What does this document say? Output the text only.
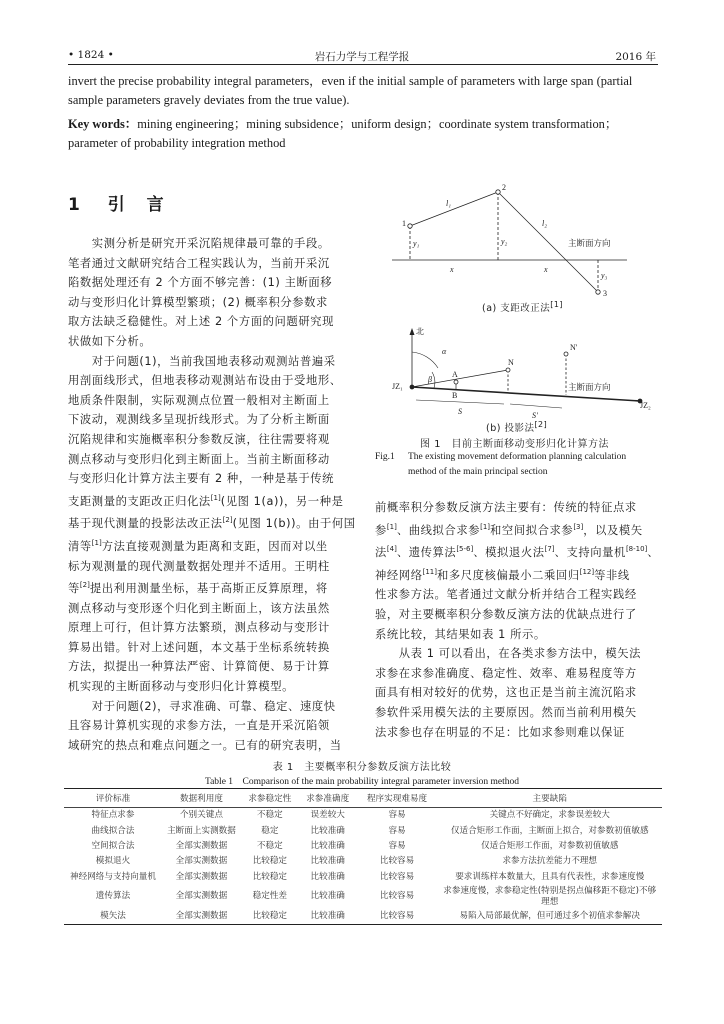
• 1824 •	岩石力学与工程学报	2016 年
invert the precise probability integral parameters，even if the initial sample of parameters with large span (partial
sample parameters gravely deviates from the true value).
Key words：mining engineering；mining subsidence；uniform design；coordinate system transformation；
parameter of probability integration method
1 引 言
　　实测分析是研究开采沉陷规律最可靠的手段。
笔者通过文献研究结合工程实践认为，当前开采沉
陷数据处理还有 2 个方面不够完善：(1) 主断面移
动与变形归化计算模型繁琐；(2) 概率积分参数求
取方法缺乏稳健性。对上述 2 个方面的问题研究现
状做如下分析。
　　对于问题(1)，当前我国地表移动观测站普遍采
用剖面线形式，但地表移动观测站布设由于受地形、
地质条件限制，实际观测点位置一般相对主断面上
下波动，观测线多呈现折线形式。为了分析主断面
沉陷规律和实施概率积分参数反演，往往需要将观
测点移动与变形归化到主断面上。当前主断面移动
与变形归化计算方法主要有 2 种，一种是基于传统
支距测量的支距改正归化法[1](见图 1(a))，另一种是
基于现代测量的投影法改正法[2](见图 1(b))。由于何国
清等[1]方法直接观测量为距离和支距，因而对以坐
标为观测量的现代测量数据处理并不适用。王明柱
等[2]提出利用测量坐标，基于高斯正反算原理，将
测点移动与变形逐个归化到主断面上，该方法虽然
原理上可行，但计算方法繁琐，测点移动与变形计
算易出错。针对上述问题，本文基于坐标系统转换
方法，拟提出一种算法严密、计算简便、易于计算
机实现的主断面移动与变形归化计算模型。
　　对于问题(2)，寻求准确、可靠、稳定、速度快
且容易计算机实现的求参方法，一直是开采沉陷领
域研究的热点和难点问题之一。已有的研究表明，当
前概率积分参数反演方法主要有：传统的特征点求
参[1]、曲线拟合求参[1]和空间拟合求参[3]，以及模矢
法[4]、遗传算法[5-6]、模拟退火法[7]、支持向量机[8-10]、
神经网络[11]和多尺度核偏最小二乘回归[12]等非线
性求参方法。笔者通过文献分析并结合工程实践经
验，对主要概率积分参数反演方法的优缺点进行了
系统比较，其结果如表 1 所示。
　　从表 1 可以看出，在各类求参方法中，模矢法
求参在求参准确度、稳定性、效率、难易程度等方
面具有相对较好的优势，这也正是当前主流沉陷求
参软件采用模矢法的主要原因。然而当前利用模矢
法求参也存在明显的不足：比如求参则难以保证
1
2
3
l₁
l₂
y₁	y₂
y₃
x	x
主断面方向
北
JZ₁
JZ₂
α
β
A
B
N
N'
S	S'
主断面方向
(a) 支距改正法[1]
(b) 投影法[2]
图 1　目前主断面移动变形归化计算方法
Fig.1 The existing movement deformation planning calculation
method of the main principal section
表 1　主要概率积分参数反演方法比较
Table 1　Comparison of the main probability integral parameter inversion method
评价标准	数据利用度	求参稳定性	求参准确度	程序实现难易度	主要缺陷
特征点求参	个别关键点	不稳定	误差较大	容易	关键点不好确定，求参误差较大
曲线拟合法	主断面上实测数据	稳定	比较准确	容易	仅适合矩形工作面，主断面上拟合，对参数初值敏感
空间拟合法	全部实测数据	不稳定	比较准确	容易	仅适合矩形工作面，对参数初值敏感
模拟退火	全部实测数据	比较稳定	比较准确	比较容易	求参方法抗差能力不理想
神经网络与支持向量机	全部实测数据	比较稳定	比较准确	比较容易	要求训练样本数量大，且具有代表性，求参速度慢
遗传算法	全部实测数据	稳定性差	比较准确	比较容易	求参速度慢，求参稳定性(特别是拐点偏移距不稳定)不够理想
模矢法	全部实测数据	比较稳定	比较准确	比较容易	易陷入局部最优解，但可通过多个初值求参解决
